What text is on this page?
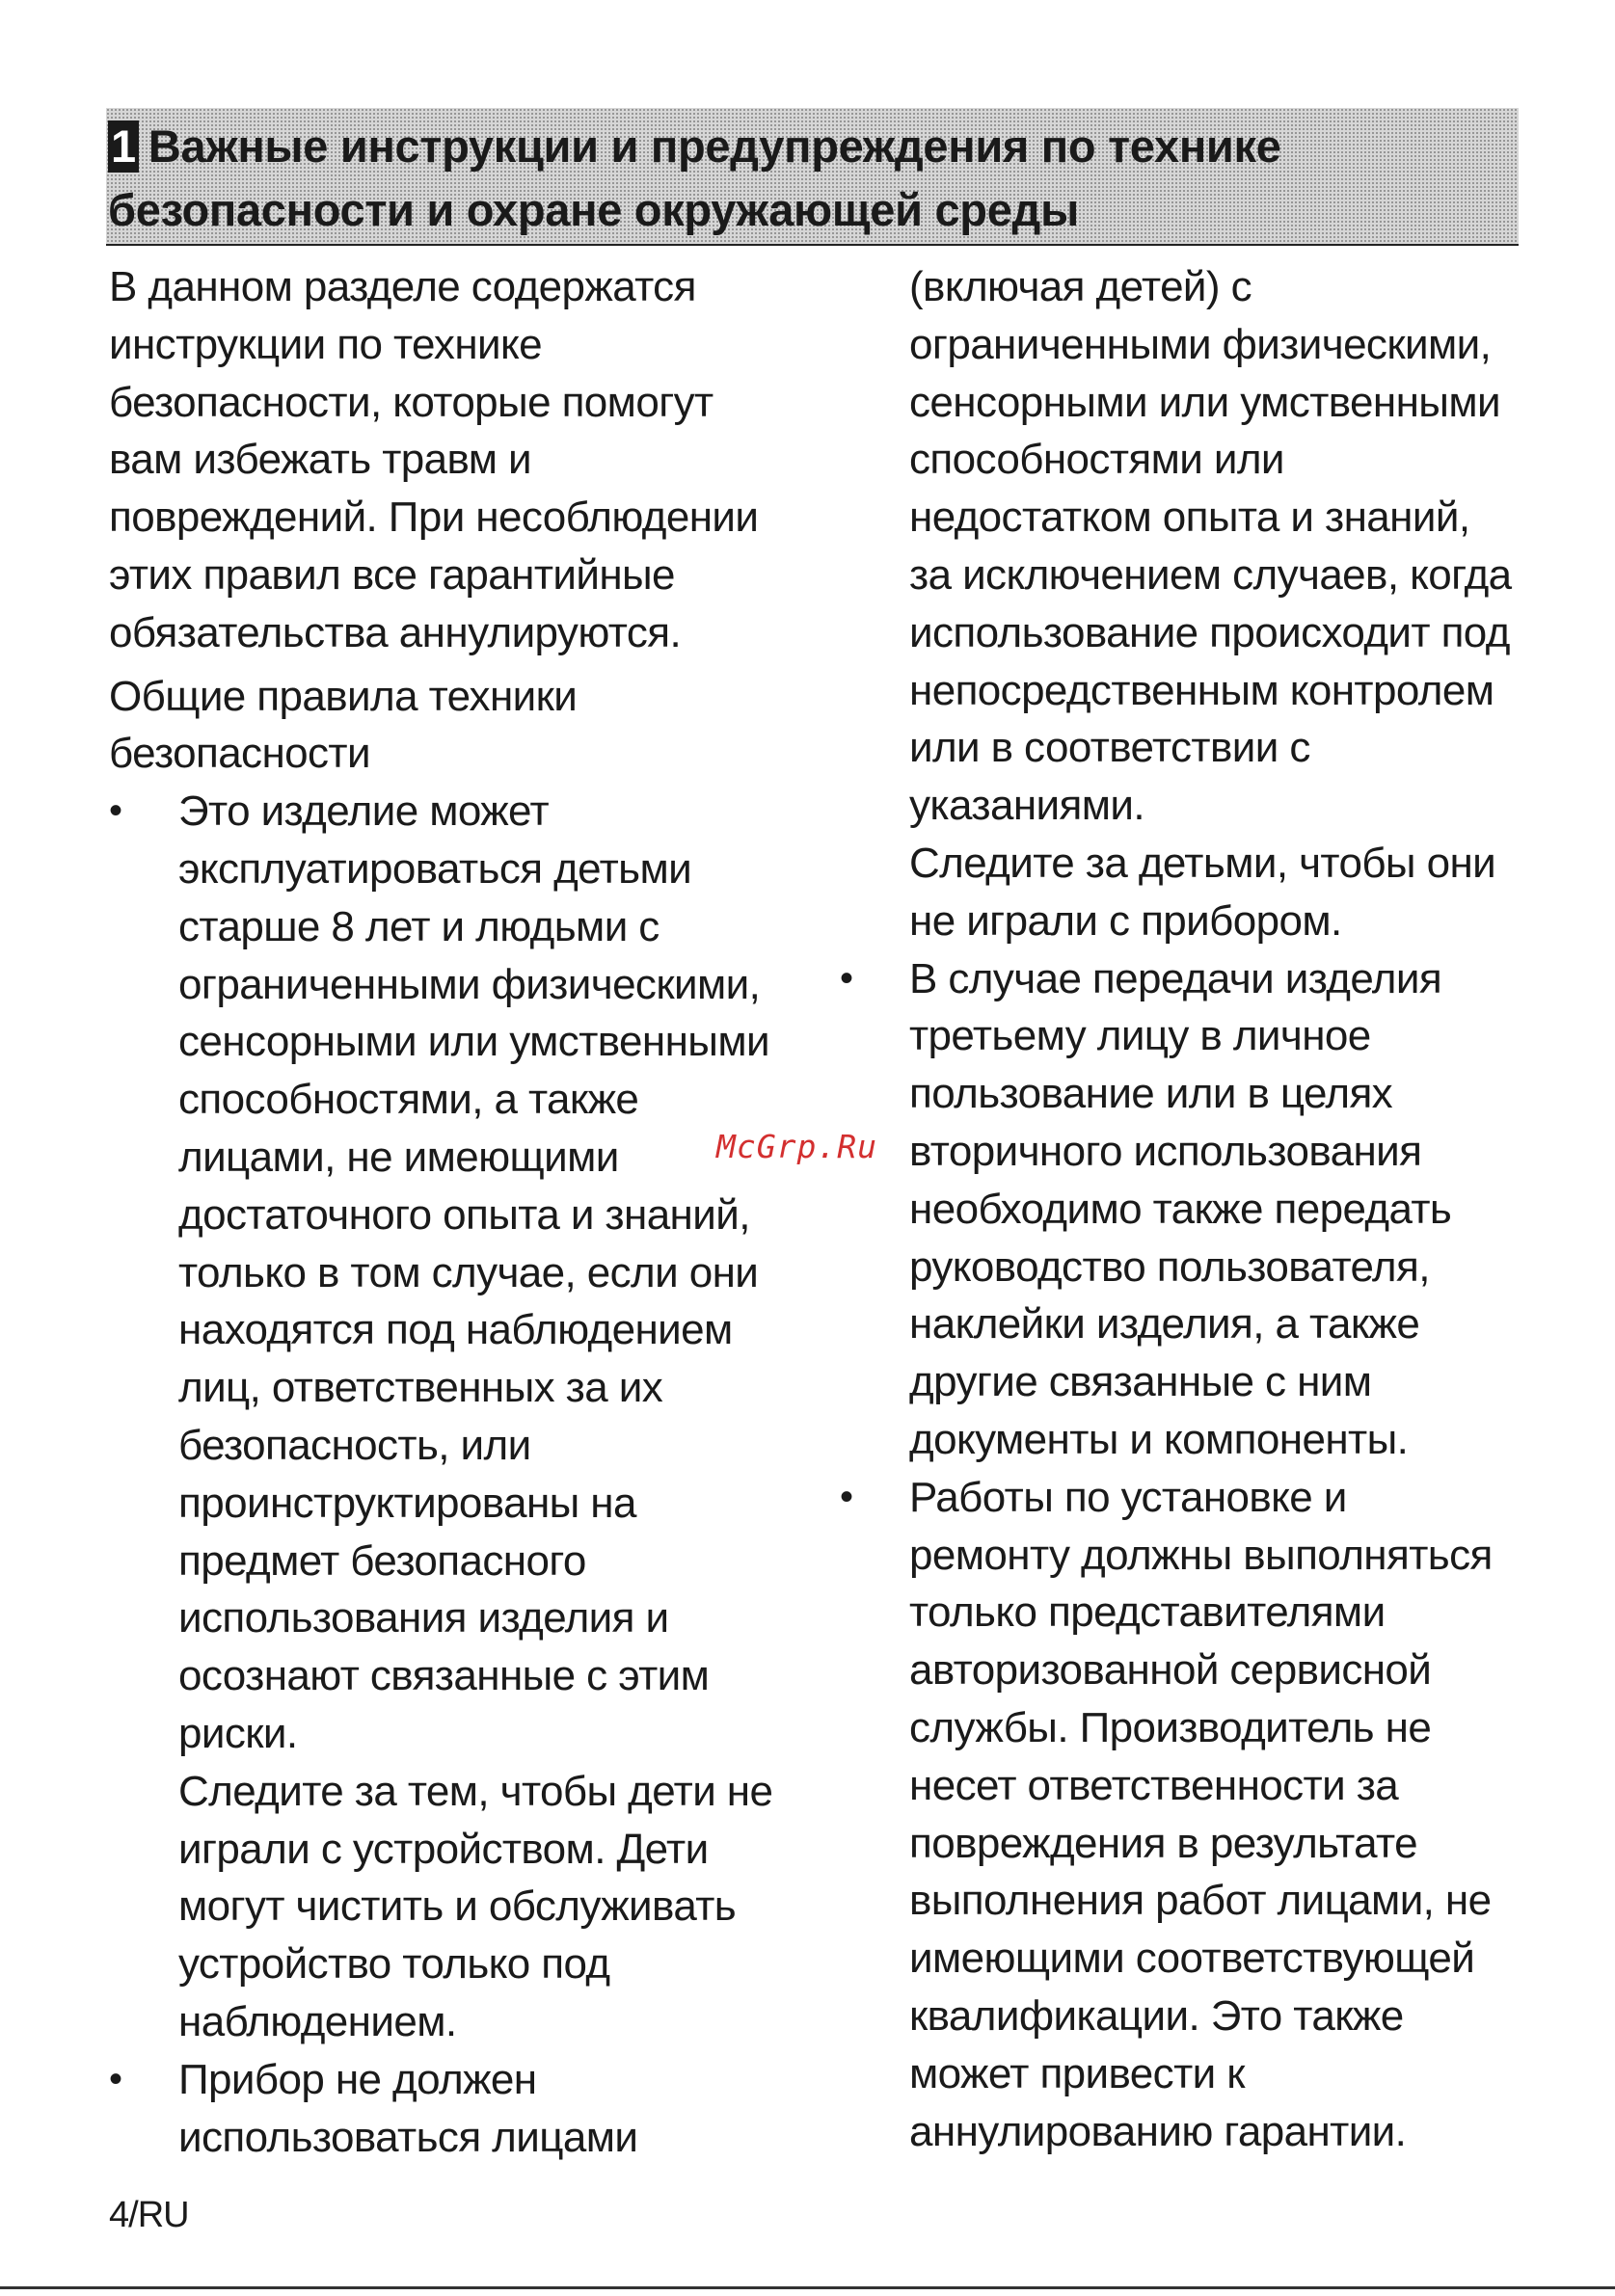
1 Важные инструкции и предупреждения по технике
безопасности и охране окружающей среды
В данном разделе содержатся
инструкции по технике
безопасности, которые помогут
вам избежать травм и
повреждений. При несоблюдении
этих правил все гарантийные
обязательства аннулируются.
Общие правила техники
безопасности
• Это изделие может
эксплуатироваться детьми
старше 8 лет и людьми с
ограниченными физическими,
сенсорными или умственными
способностями, а также
лицами, не имеющими
достаточного опыта и знаний,
только в том случае, если они
находятся под наблюдением
лиц, ответственных за их
безопасность, или
проинструктированы на
предмет безопасного
использования изделия и
осознают связанные с этим
риски.
Следите за тем, чтобы дети не
играли с устройством. Дети
могут чистить и обслуживать
устройство только под
наблюдением.
• Прибор не должен
использоваться лицами
(включая детей) с
ограниченными физическими,
сенсорными или умственными
способностями или
недостатком опыта и знаний,
за исключением случаев, когда
использование происходит под
непосредственным контролем
или в соответствии с
указаниями.
Следите за детьми, чтобы они
не играли с прибором.
• В случае передачи изделия
третьему лицу в личное
пользование или в целях
вторичного использования
необходимо также передать
руководство пользователя,
наклейки изделия, а также
другие связанные с ним
документы и компоненты.
• Работы по установке и
ремонту должны выполняться
только представителями
авторизованной сервисной
службы. Производитель не
несет ответственности за
повреждения в результате
выполнения работ лицами, не
имеющими соответствующей
квалификации. Это также
может привести к
аннулированию гарантии.
McGrp.Ru
4/RU
